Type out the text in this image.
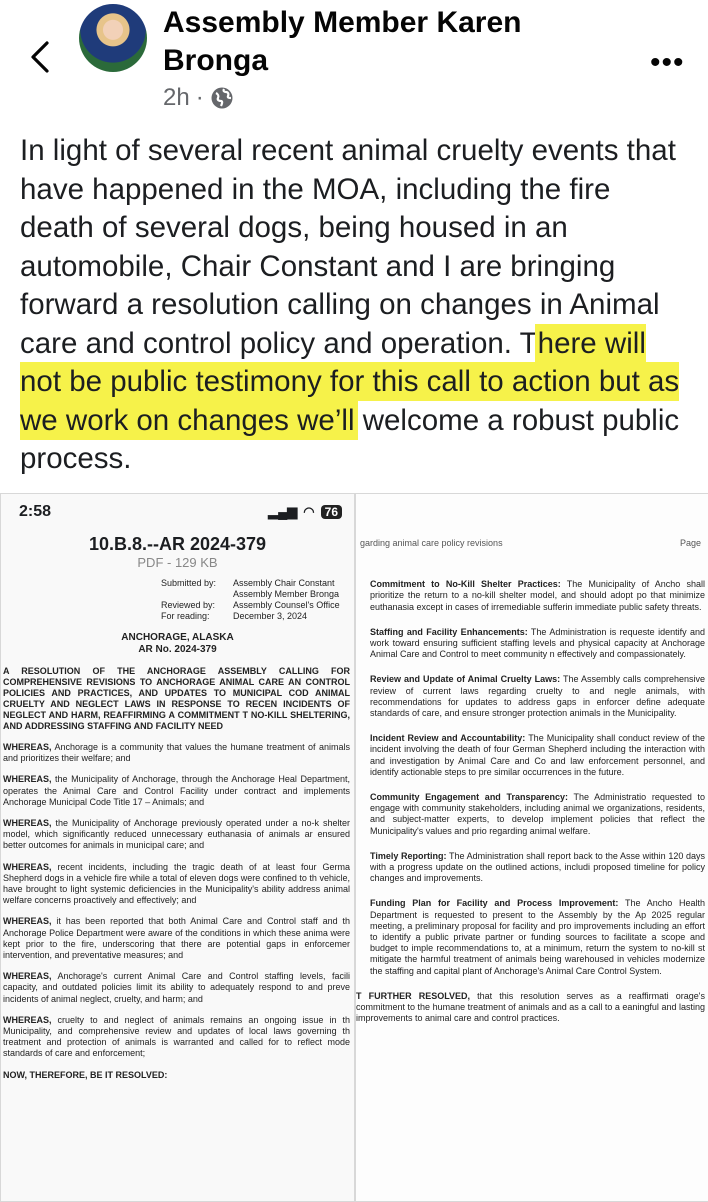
Assembly Member Karen Bronga
2h ·
•••
In light of several recent animal cruelty events that have happened in the MOA, including the fire death of several dogs, being housed in an automobile, Chair Constant and I are bringing forward a resolution calling on changes in Animal care and control policy and operation. There will not be public testimony for this call to action but as we work on changes we’ll welcome a robust public process.
2:58	▂▄▆ ◠ 76
10.B.8.--AR 2024-379
PDF - 129 KB
Submitted by:	Assembly Chair Constant
Assembly Member Bronga
Reviewed by:	Assembly Counsel's Office
For reading:	December 3, 2024
ANCHORAGE, ALASKA
AR No. 2024-379
A RESOLUTION OF THE ANCHORAGE ASSEMBLY CALLING FOR COMPREHENSIVE REVISIONS TO ANCHORAGE ANIMAL CARE AN CONTROL POLICIES AND PRACTICES, AND UPDATES TO MUNICIPAL COD ANIMAL CRUELTY AND NEGLECT LAWS IN RESPONSE TO RECEN INCIDENTS OF NEGLECT AND HARM, REAFFIRMING A COMMITMENT T NO-KILL SHELTERING, AND ADDRESSING STAFFING AND FACILITY NEED
WHEREAS, Anchorage is a community that values the humane treatment of animals and prioritizes their welfare; and
WHEREAS, the Municipality of Anchorage, through the Anchorage Heal Department, operates the Animal Care and Control Facility under contract and implements Anchorage Municipal Code Title 17 – Animals; and
WHEREAS, the Municipality of Anchorage previously operated under a no-k shelter model, which significantly reduced unnecessary euthanasia of animals ar ensured better outcomes for animals in municipal care; and
WHEREAS, recent incidents, including the tragic death of at least four Germa Shepherd dogs in a vehicle fire while a total of eleven dogs were confined to th vehicle, have brought to light systemic deficiencies in the Municipality's ability address animal welfare concerns proactively and effectively; and
WHEREAS, it has been reported that both Animal Care and Control staff and th Anchorage Police Department were aware of the conditions in which these anima were kept prior to the fire, underscoring that there are potential gaps in enforcemer intervention, and preventative measures; and
WHEREAS, Anchorage's current Animal Care and Control staffing levels, facili capacity, and outdated policies limit its ability to adequately respond to and preve incidents of animal neglect, cruelty, and harm; and
WHEREAS, cruelty to and neglect of animals remains an ongoing issue in th Municipality, and comprehensive review and updates of local laws governing th treatment and protection of animals is warranted and called for to reflect mode standards of care and enforcement;
NOW, THEREFORE, BE IT RESOLVED:
garding animal care policy revisions	Page
Commitment to No-Kill Shelter Practices: The Municipality of Ancho shall prioritize the return to a no-kill shelter model, and should adopt po that minimize euthanasia except in cases of irremediable sufferin immediate public safety threats.
Staffing and Facility Enhancements: The Administration is requeste identify and work toward ensuring sufficient staffing levels and physical capacity at Anchorage Animal Care and Control to meet community n effectively and compassionately.
Review and Update of Animal Cruelty Laws: The Assembly calls comprehensive review of current laws regarding cruelty to and negle animals, with recommendations for updates to address gaps in enforcer define adequate standards of care, and ensure stronger protection animals in the Municipality.
Incident Review and Accountability: The Municipality shall conduct review of the incident involving the death of four German Shepherd including the interaction with and investigation by Animal Care and Co and law enforcement personnel, and identify actionable steps to pre similar occurrences in the future.
Community Engagement and Transparency: The Administratio requested to engage with community stakeholders, including animal we organizations, residents, and subject-matter experts, to develop implement policies that reflect the Municipality's values and prio regarding animal welfare.
Timely Reporting: The Administration shall report back to the Asse within 120 days with a progress update on the outlined actions, includi proposed timeline for policy changes and improvements.
Funding Plan for Facility and Process Improvement: The Ancho Health Department is requested to present to the Assembly by the Ap 2025 regular meeting, a preliminary proposal for facility and pro improvements including an effort to identify a public private partner or funding sources to facilitate a scope and budget to imple recommendations to, at a minimum, return the system to no-kill st mitigate the harmful treatment of animals being warehoused in vehicles modernize the staffing and capital plant of Anchorage's Animal Care Control System.
T FURTHER RESOLVED, that this resolution serves as a reaffirmati orage's commitment to the humane treatment of animals and as a call to a eaningful and lasting improvements to animal care and control practices.
